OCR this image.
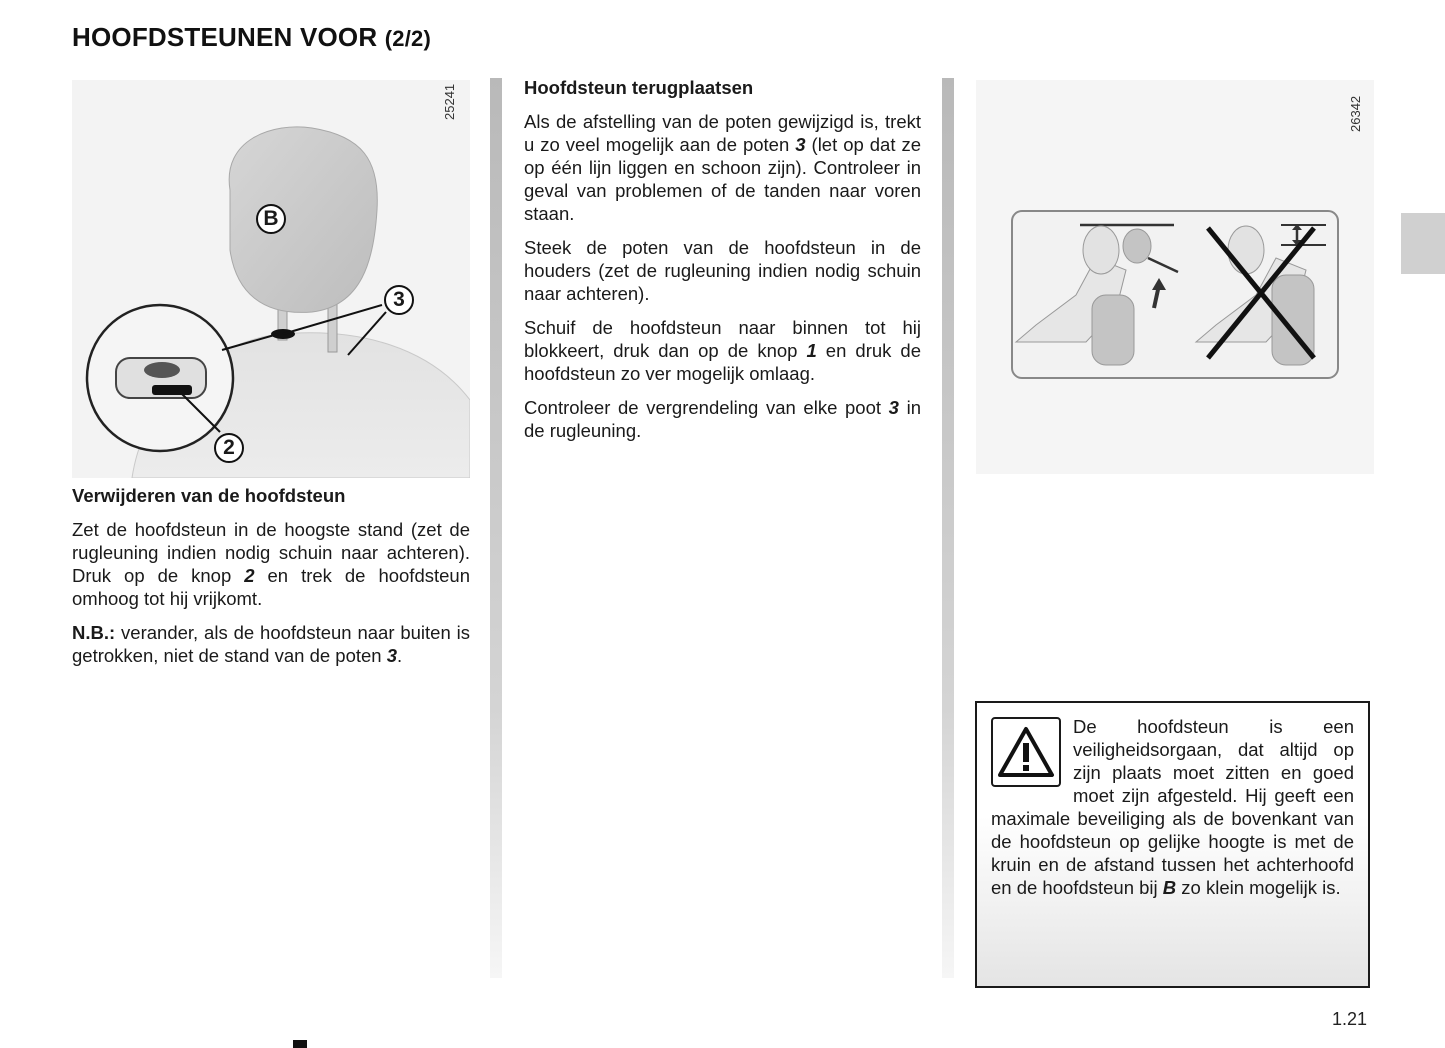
HOOFDSTEUNEN VOOR (2/2)
25241
B
3
2
Verwijderen van de hoofdsteun

Zet de hoofdsteun in de hoogste stand (zet de rugleuning indien nodig schuin naar achteren). Druk op de knop 2 en trek de hoofdsteun omhoog tot hij vrijkomt.

N.B.: verander, als de hoofdsteun naar buiten is getrokken, niet de stand van de poten 3.

Hoofdsteun terugplaatsen

Als de afstelling van de poten gewijzigd is, trekt u zo veel mogelijk aan de poten 3 (let op dat ze op één lijn liggen en schoon zijn). Controleer in geval van problemen of de tanden naar voren staan.

Steek de poten van de hoofdsteun in de houders (zet de rugleuning indien nodig schuin naar achteren).

Schuif de hoofdsteun naar binnen tot hij blokkeert, druk dan op de knop 1 en druk de hoofdsteun zo ver mogelijk omlaag.

Controleer de vergrendeling van elke poot 3 in de rugleuning.

26342

De hoofdsteun is een veiligheidsorgaan, dat altijd op zijn plaats moet zitten en goed moet zijn afgesteld. Hij geeft een maximale beveiliging als de bovenkant van de hoofdsteun op gelijke hoogte is met de kruin en de afstand tussen het achterhoofd en de hoofdsteun bij B zo klein mogelijk is.

1.21
